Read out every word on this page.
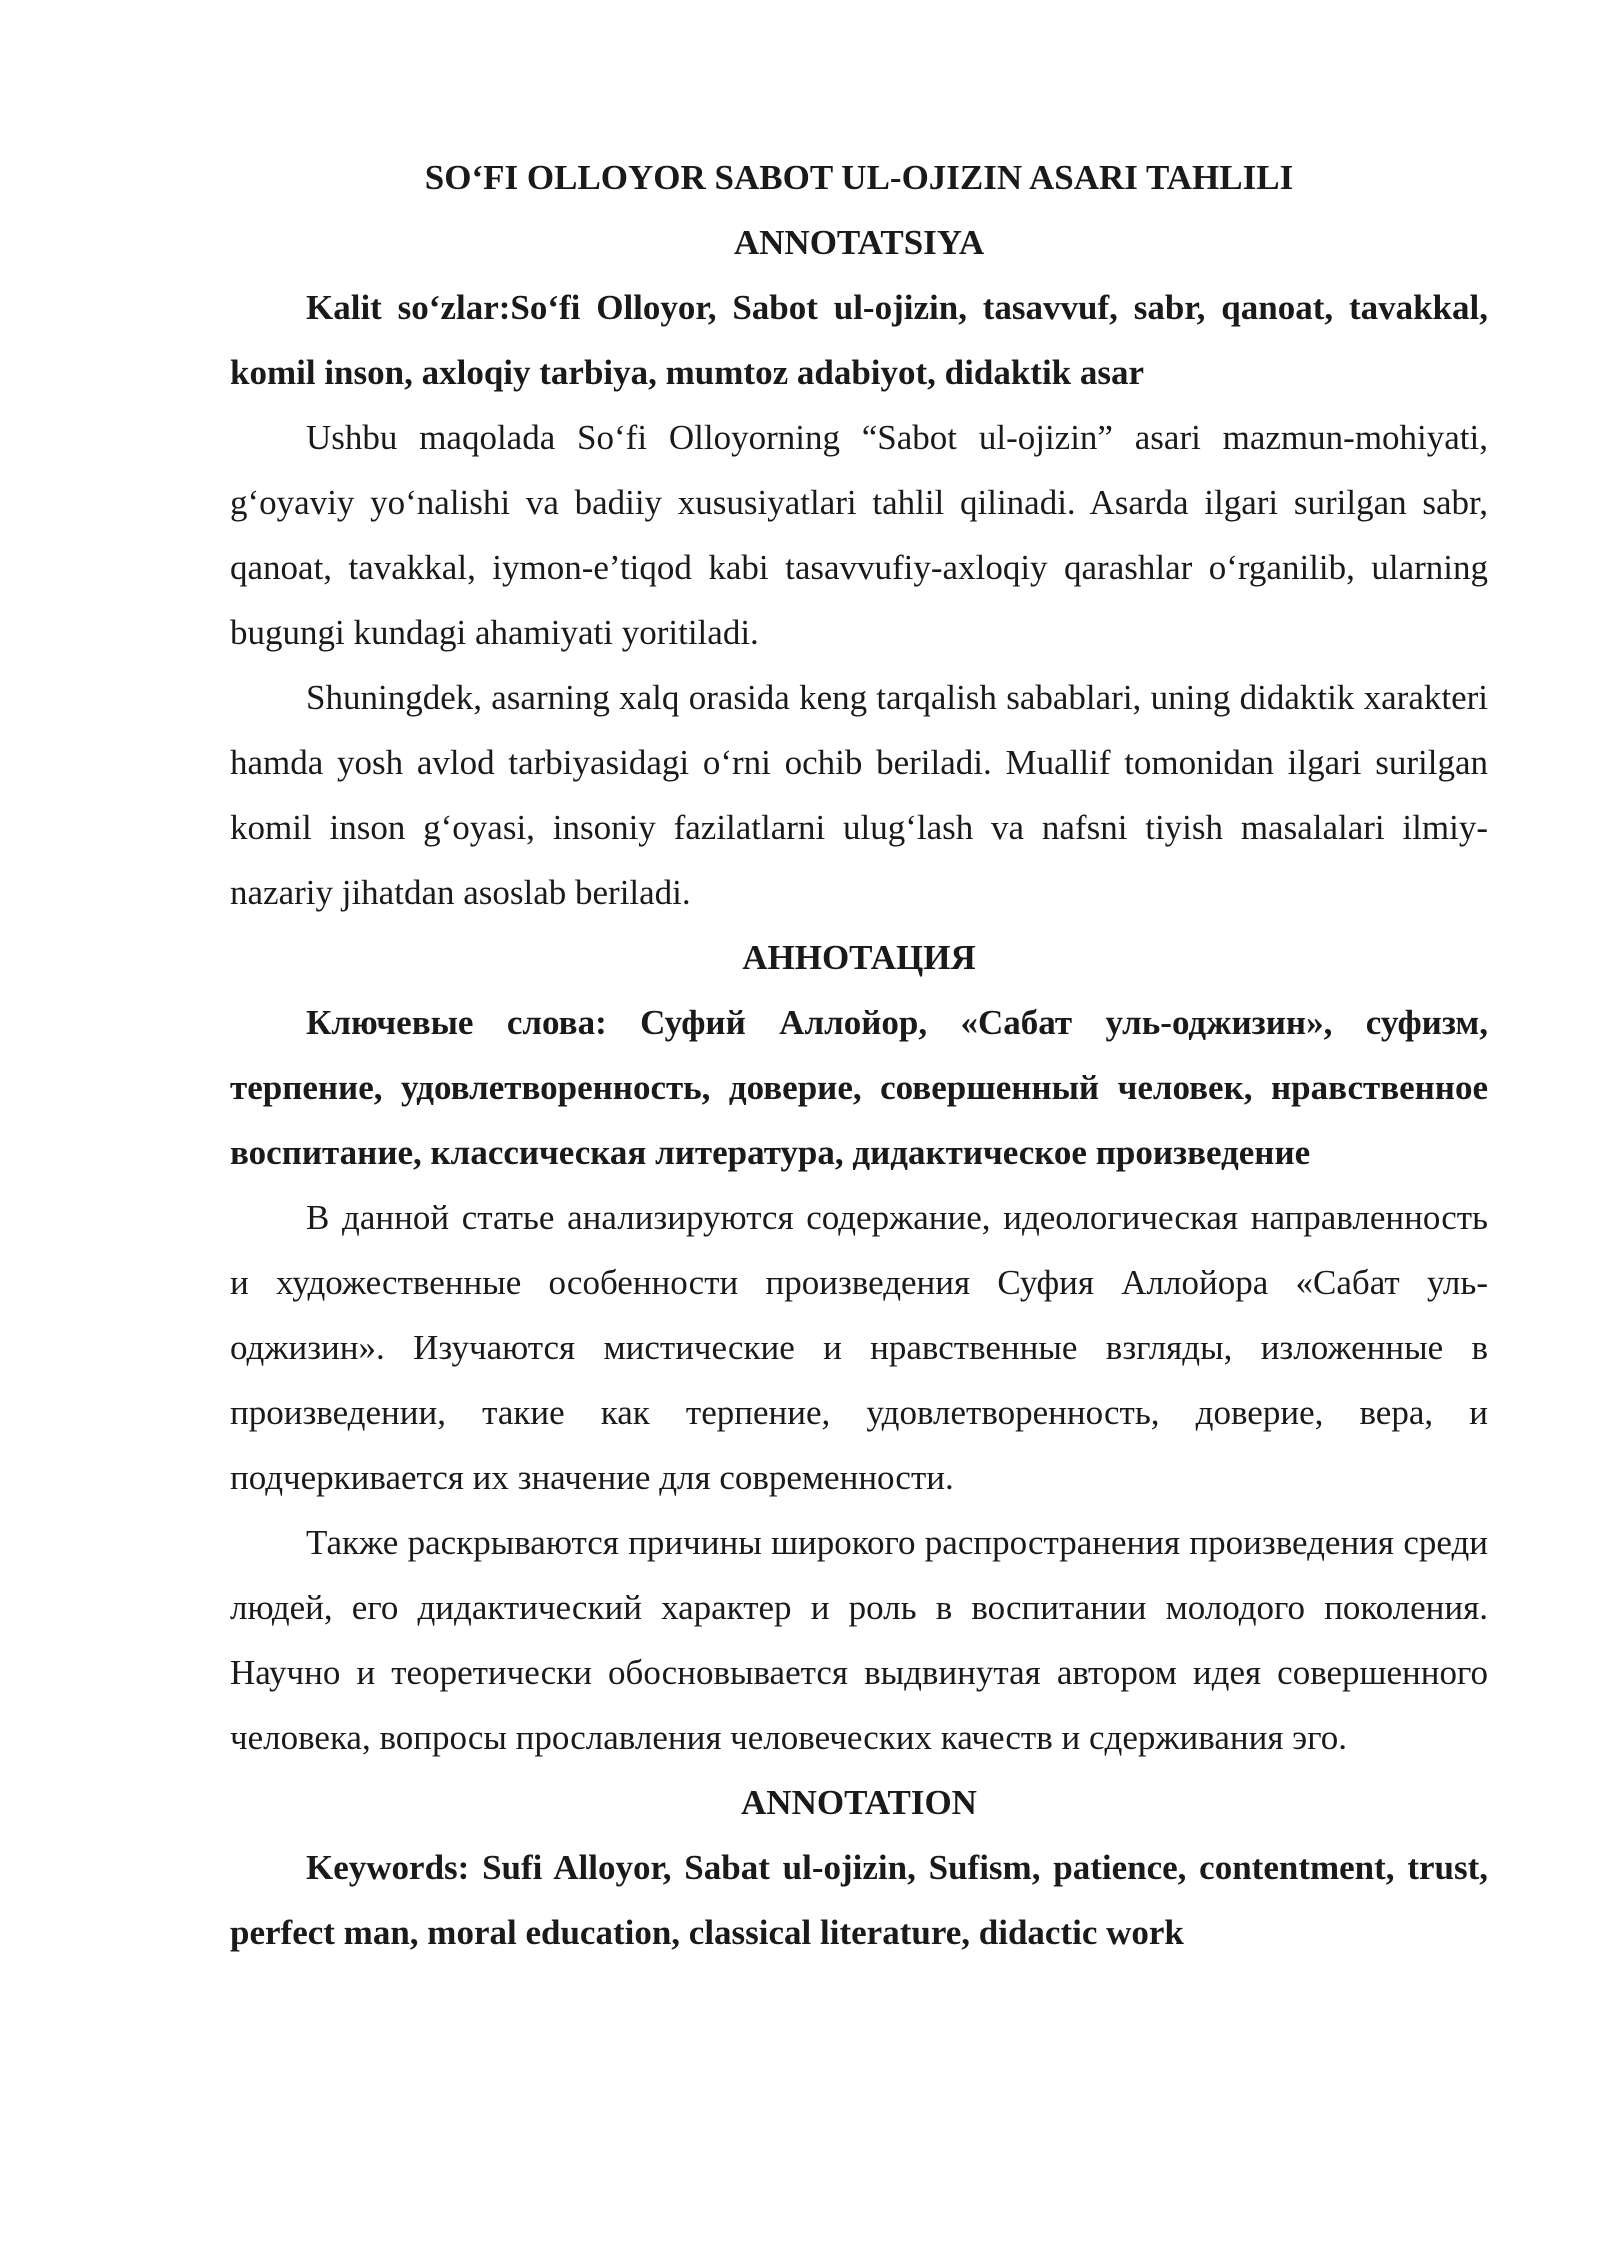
SO‘FI OLLOYOR SABOT UL-OJIZIN ASARI TAHLILI
ANNOTATSIYA

Kalit so‘zlar:So‘fi Olloyor, Sabot ul-ojizin, tasavvuf, sabr, qanoat, tavakkal, komil inson, axloqiy tarbiya, mumtoz adabiyot, didaktik asar

Ushbu maqolada So‘fi Olloyorning “Sabot ul-ojizin” asari mazmun-mohiyati, g‘oyaviy yo‘nalishi va badiiy xususiyatlari tahlil qilinadi. Asarda ilgari surilgan sabr, qanoat, tavakkal, iymon-e’tiqod kabi tasavvufiy-axloqiy qarashlar o‘rganilib, ularning bugungi kundagi ahamiyati yoritiladi.

Shuningdek, asarning xalq orasida keng tarqalish sabablari, uning didaktik xarakteri hamda yosh avlod tarbiyasidagi o‘rni ochib beriladi. Muallif tomonidan ilgari surilgan komil inson g‘oyasi, insoniy fazilatlarni ulug‘lash va nafsni tiyish masalalari ilmiy-nazariy jihatdan asoslab beriladi.

АННОТАЦИЯ

Ключевые слова: Суфий Аллойор, «Сабат уль-оджизин», суфизм, терпение, удовлетворенность, доверие, совершенный человек, нравственное воспитание, классическая литература, дидактическое произведение

В данной статье анализируются содержание, идеологическая направленность и художественные особенности произведения Суфия Аллойора «Сабат уль-оджизин». Изучаются мистические и нравственные взгляды, изложенные в произведении, такие как терпение, удовлетворенность, доверие, вера, и подчеркивается их значение для современности.

Также раскрываются причины широкого распространения произведения среди людей, его дидактический характер и роль в воспитании молодого поколения. Научно и теоретически обосновывается выдвинутая автором идея совершенного человека, вопросы прославления человеческих качеств и сдерживания эго.

ANNOTATION

Keywords: Sufi Alloyor, Sabat ul-ojizin, Sufism, patience, contentment, trust, perfect man, moral education, classical literature, didactic work
